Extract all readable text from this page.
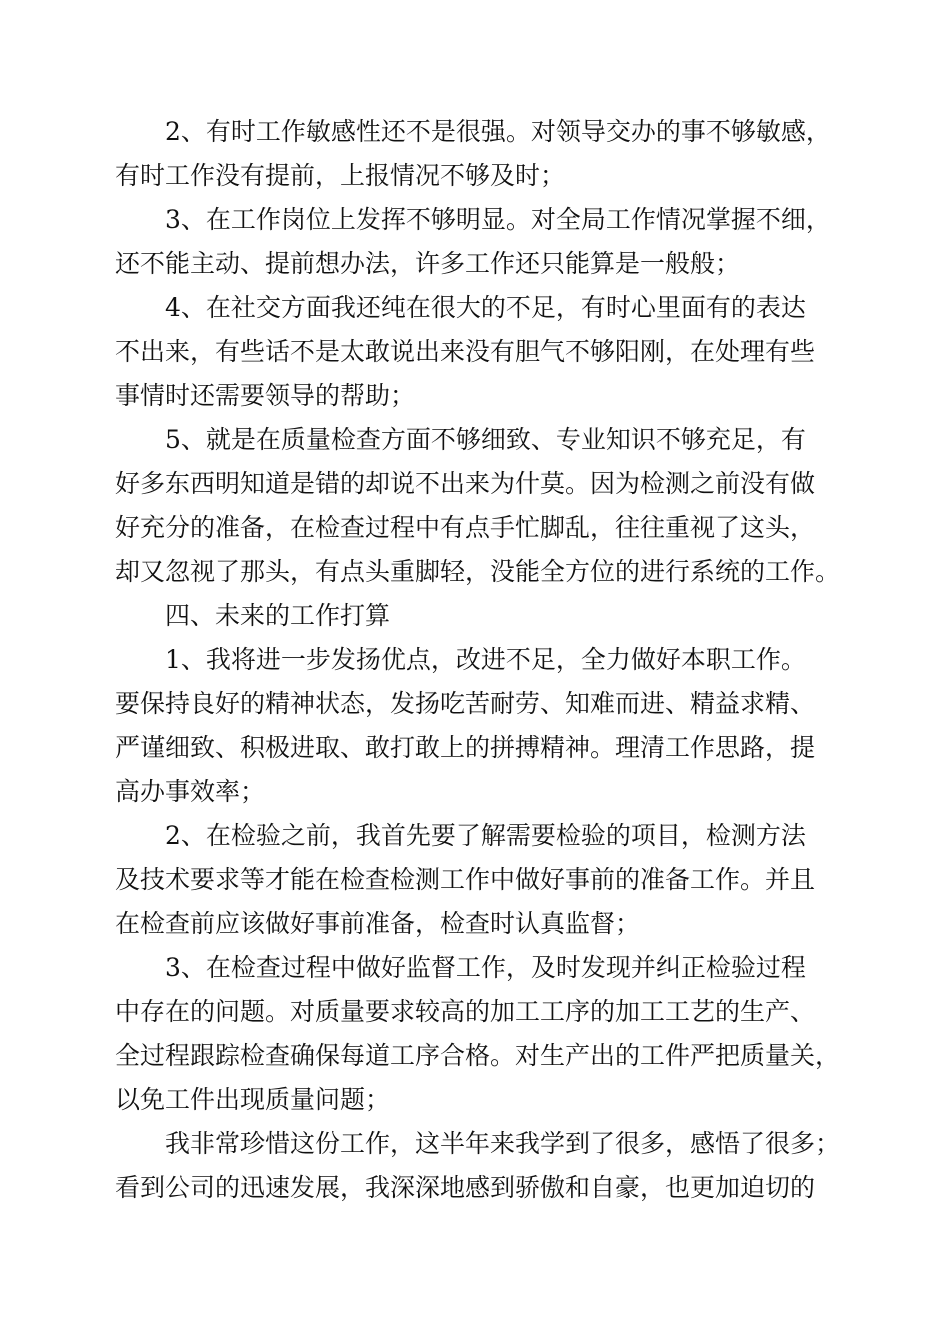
2、有时工作敏感性还不是很强。对领导交办的事不够敏感，
有时工作没有提前，上报情况不够及时；
3、在工作岗位上发挥不够明显。对全局工作情况掌握不细，
还不能主动、提前想办法，许多工作还只能算是一般般；
4、在社交方面我还纯在很大的不足，有时心里面有的表达
不出来，有些话不是太敢说出来没有胆气不够阳刚，在处理有些
事情时还需要领导的帮助；
5、就是在质量检查方面不够细致、专业知识不够充足，有
好多东西明知道是错的却说不出来为什莫。因为检测之前没有做
好充分的准备，在检查过程中有点手忙脚乱，往往重视了这头，
却又忽视了那头，有点头重脚轻，没能全方位的进行系统的工作。
四、未来的工作打算
1、我将进一步发扬优点，改进不足，全力做好本职工作。
要保持良好的精神状态，发扬吃苦耐劳、知难而进、精益求精、
严谨细致、积极进取、敢打敢上的拼搏精神。理清工作思路，提
高办事效率；
2、在检验之前，我首先要了解需要检验的项目，检测方法
及技术要求等才能在检查检测工作中做好事前的准备工作。并且
在检查前应该做好事前准备，检查时认真监督；
3、在检查过程中做好监督工作，及时发现并纠正检验过程
中存在的问题。对质量要求较高的加工工序的加工工艺的生产、
全过程跟踪检查确保每道工序合格。对生产出的工件严把质量关，
以免工件出现质量问题；
我非常珍惜这份工作，这半年来我学到了很多，感悟了很多；
看到公司的迅速发展，我深深地感到骄傲和自豪，也更加迫切的
